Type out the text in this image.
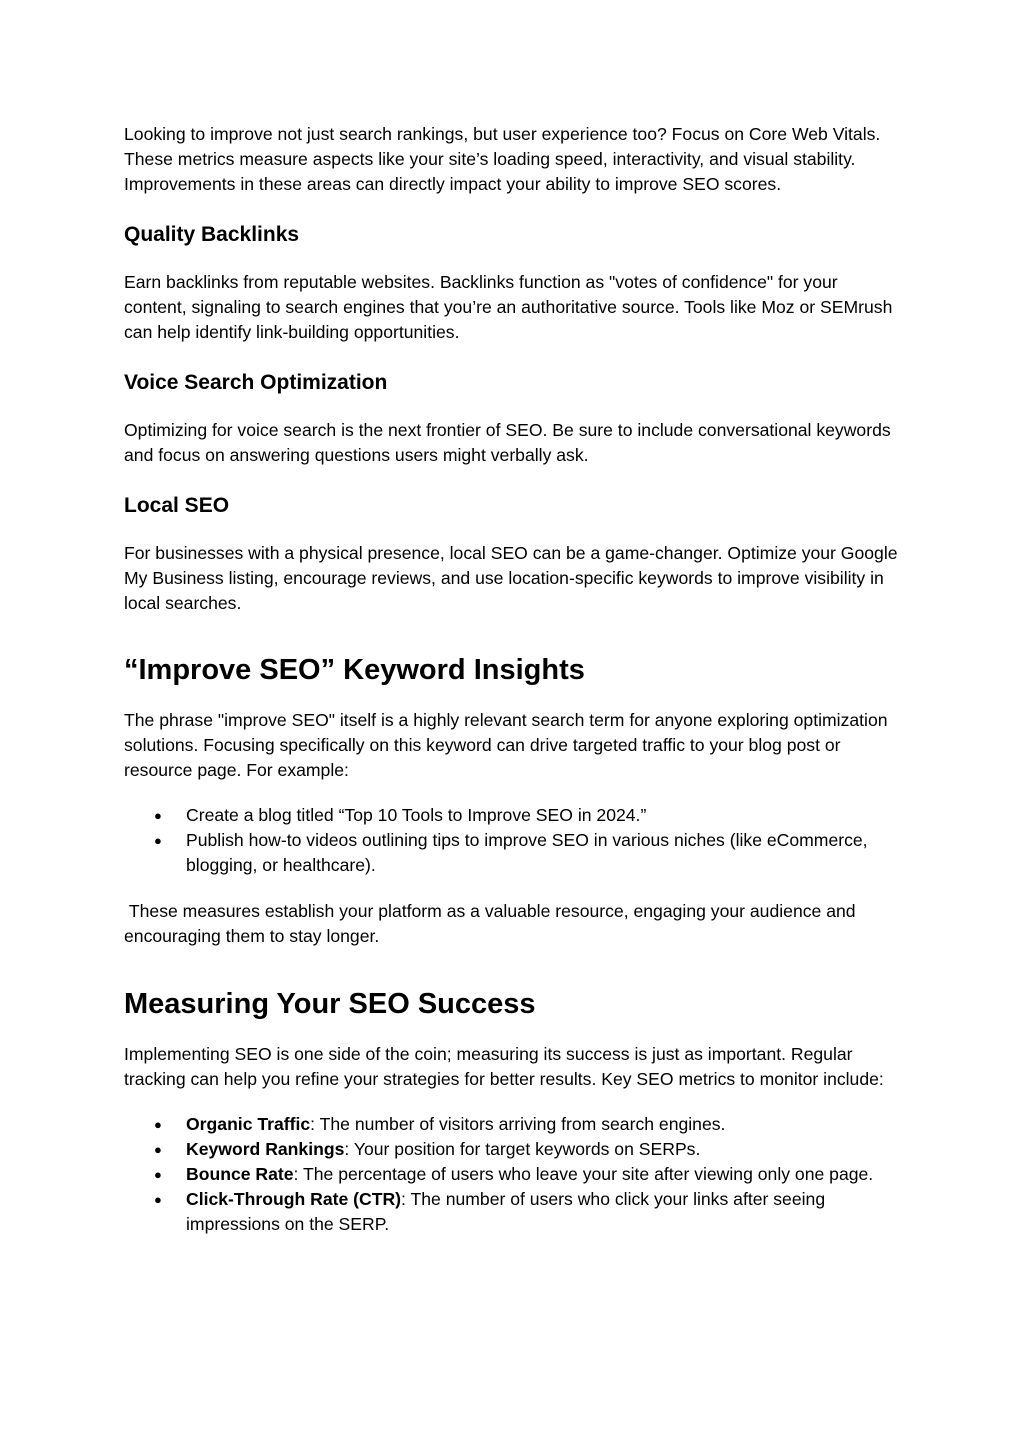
Looking to improve not just search rankings, but user experience too? Focus on Core Web Vitals. These metrics measure aspects like your site’s loading speed, interactivity, and visual stability. Improvements in these areas can directly impact your ability to improve SEO scores.

Quality Backlinks

Earn backlinks from reputable websites. Backlinks function as "votes of confidence" for your content, signaling to search engines that you’re an authoritative source. Tools like Moz or SEMrush can help identify link-building opportunities.

Voice Search Optimization

Optimizing for voice search is the next frontier of SEO. Be sure to include conversational keywords and focus on answering questions users might verbally ask.

Local SEO

For businesses with a physical presence, local SEO can be a game-changer. Optimize your Google My Business listing, encourage reviews, and use location-specific keywords to improve visibility in local searches.

“Improve SEO” Keyword Insights

The phrase "improve SEO" itself is a highly relevant search term for anyone exploring optimization solutions. Focusing specifically on this keyword can drive targeted traffic to your blog post or resource page. For example:

● Create a blog titled “Top 10 Tools to Improve SEO in 2024.”
● Publish how-to videos outlining tips to improve SEO in various niches (like eCommerce, blogging, or healthcare).

These measures establish your platform as a valuable resource, engaging your audience and encouraging them to stay longer.

Measuring Your SEO Success

Implementing SEO is one side of the coin; measuring its success is just as important. Regular tracking can help you refine your strategies for better results. Key SEO metrics to monitor include:

● Organic Traffic: The number of visitors arriving from search engines.
● Keyword Rankings: Your position for target keywords on SERPs.
● Bounce Rate: The percentage of users who leave your site after viewing only one page.
● Click-Through Rate (CTR): The number of users who click your links after seeing impressions on the SERP.
